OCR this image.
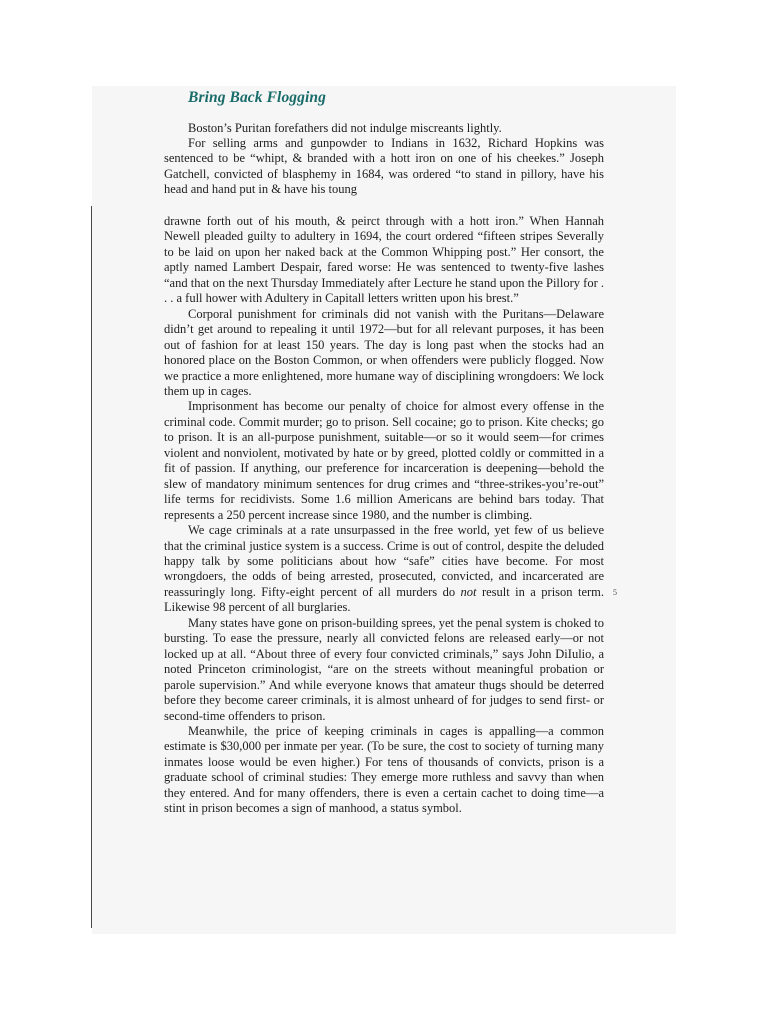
Bring Back Flogging

Boston’s Puritan forefathers did not indulge miscreants lightly.

For selling arms and gunpowder to Indians in 1632, Richard Hopkins was sentenced to be “whipt, & branded with a hott iron on one of his cheekes.” Joseph Gatchell, convicted of blasphemy in 1684, was ordered “to stand in pillory, have his head and hand put in & have his toung

drawne forth out of his mouth, & peirct through with a hott iron.” When Hannah Newell pleaded guilty to adultery in 1694, the court ordered “fifteen stripes Severally to be laid on upon her naked back at the Common Whipping post.” Her consort, the aptly named Lambert Despair, fared worse: He was sentenced to twenty-five lashes “and that on the next Thursday Immediately after Lecture he stand upon the Pillory for . . . a full hower with Adultery in Capitall letters written upon his brest.”

Corporal punishment for criminals did not vanish with the Puritans—Delaware didn’t get around to repealing it until 1972—but for all relevant purposes, it has been out of fashion for at least 150 years. The day is long past when the stocks had an honored place on the Boston Common, or when offenders were publicly flogged. Now we practice a more enlightened, more humane way of disciplining wrongdoers: We lock them up in cages.

Imprisonment has become our penalty of choice for almost every offense in the criminal code. Commit murder; go to prison. Sell cocaine; go to prison. Kite checks; go to prison. It is an all-purpose punishment, suitable—or so it would seem—for crimes violent and nonviolent, motivated by hate or by greed, plotted coldly or committed in a fit of passion. If anything, our preference for incarceration is deepening—behold the slew of mandatory minimum sentences for drug crimes and “three-strikes-you’re-out” life terms for recidivists. Some 1.6 million Americans are behind bars today. That represents a 250 percent increase since 1980, and the number is climbing.

We cage criminals at a rate unsurpassed in the free world, yet few of us believe that the criminal justice system is a success. Crime is out of control, despite the deluded happy talk by some politicians about how “safe” cities have become. For most wrongdoers, the odds of being arrested, prosecuted, convicted, and incarcerated are reassuringly long. Fifty-eight percent of all murders do not result in a prison term. Likewise 98 percent of all burglaries.

Many states have gone on prison-building sprees, yet the penal system is choked to bursting. To ease the pressure, nearly all convicted felons are released early—or not locked up at all. “About three of every four convicted criminals,” says John DiIulio, a noted Princeton criminologist, “are on the streets without meaningful probation or parole supervision.” And while everyone knows that amateur thugs should be deterred before they become career criminals, it is almost unheard of for judges to send first- or second-time offenders to prison.

Meanwhile, the price of keeping criminals in cages is appalling—a common estimate is $30,000 per inmate per year. (To be sure, the cost to society of turning many inmates loose would be even higher.) For tens of thousands of convicts, prison is a graduate school of criminal studies: They emerge more ruthless and savvy than when they entered. And for many offenders, there is even a certain cachet to doing time—a stint in prison becomes a sign of manhood, a status symbol.

5
